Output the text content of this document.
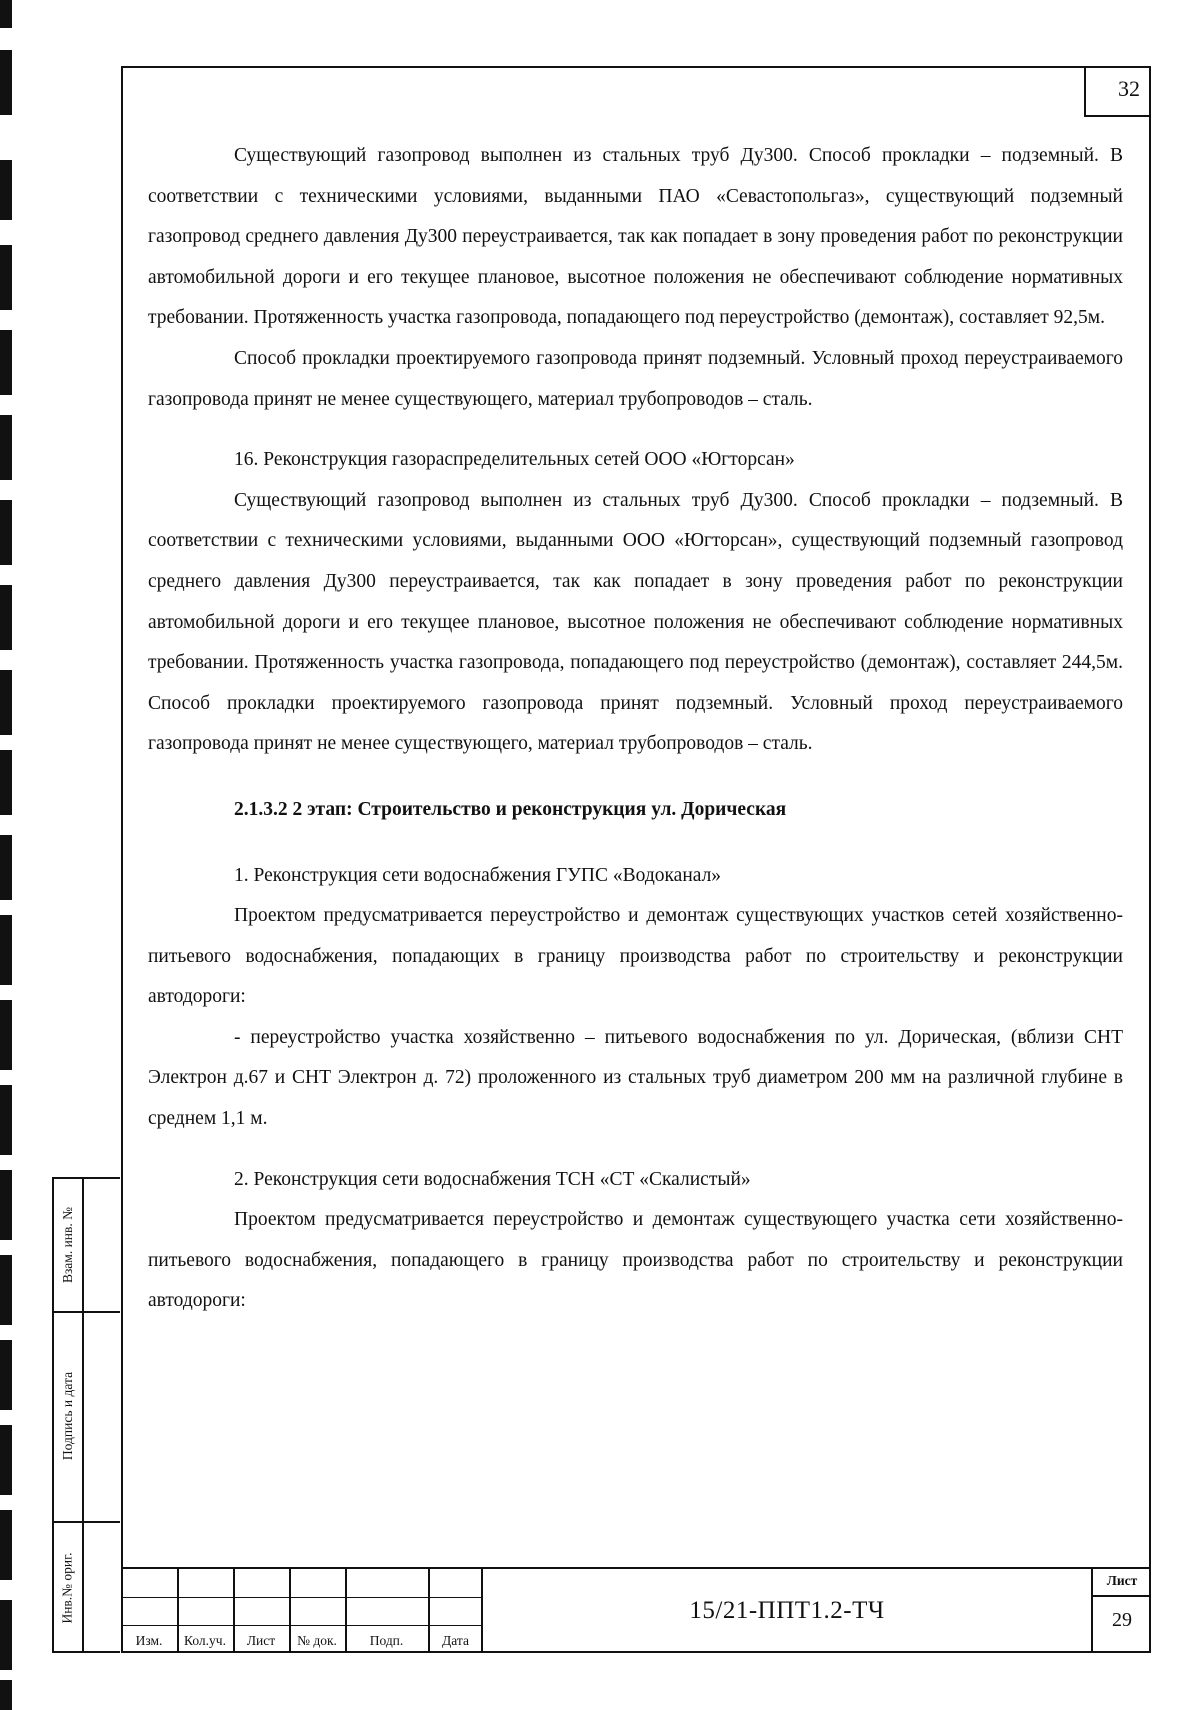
32

Существующий газопровод выполнен из стальных труб Ду300. Способ прокладки – подземный. В соответствии с техническими условиями, выданными ПАО «Севастопольгаз», существующий подземный газопровод среднего давления Ду300 переустраивается, так как попадает в зону проведения работ по реконструкции автомобильной дороги и его текущее плановое, высотное положения не обеспечивают соблюдение нормативных требовании. Протяженность участка газопровода, попадающего под переустройство (демонтаж), составляет 92,5м.

Способ прокладки проектируемого газопровода принят подземный. Условный проход переустраиваемого газопровода принят не менее существующего, материал трубопроводов – сталь.

16. Реконструкция газораспределительных сетей ООО «Югторсан»

Существующий газопровод выполнен из стальных труб Ду300. Способ прокладки – подземный. В соответствии с техническими условиями, выданными ООО «Югторсан», существующий подземный газопровод среднего давления Ду300 переустраивается, так как попадает в зону проведения работ по реконструкции автомобильной дороги и его текущее плановое, высотное положения не обеспечивают соблюдение нормативных требовании. Протяженность участка газопровода, попадающего под переустройство (демонтаж), составляет 244,5м. Способ прокладки проектируемого газопровода принят подземный. Условный проход переустраиваемого газопровода принят не менее существующего, материал трубопроводов – сталь.

2.1.3.2 2 этап: Строительство и реконструкция ул. Дорическая

1. Реконструкция сети водоснабжения ГУПС «Водоканал»

Проектом предусматривается переустройство и демонтаж существующих участков сетей хозяйственно-питьевого водоснабжения, попадающих в границу производства работ по строительству и реконструкции автодороги:

- переустройство участка хозяйственно – питьевого водоснабжения по ул. Дорическая, (вблизи СНТ Электрон д.67 и СНТ Электрон д. 72) проложенного из стальных труб диаметром 200 мм на различной глубине в среднем 1,1 м.

2. Реконструкция сети водоснабжения ТСН «СТ «Скалистый»

Проектом предусматривается переустройство и демонтаж существующего участка сети хозяйственно-питьевого водоснабжения, попадающего в границу производства работ по строительству и реконструкции автодороги:

Взам. инв. №
Подпись и дата
Инв.№ ориг.
Изм.	Кол.уч.	Лист	№ док.	Подп.	Дата
15/21-ППТ1.2-ТЧ
Лист
29
